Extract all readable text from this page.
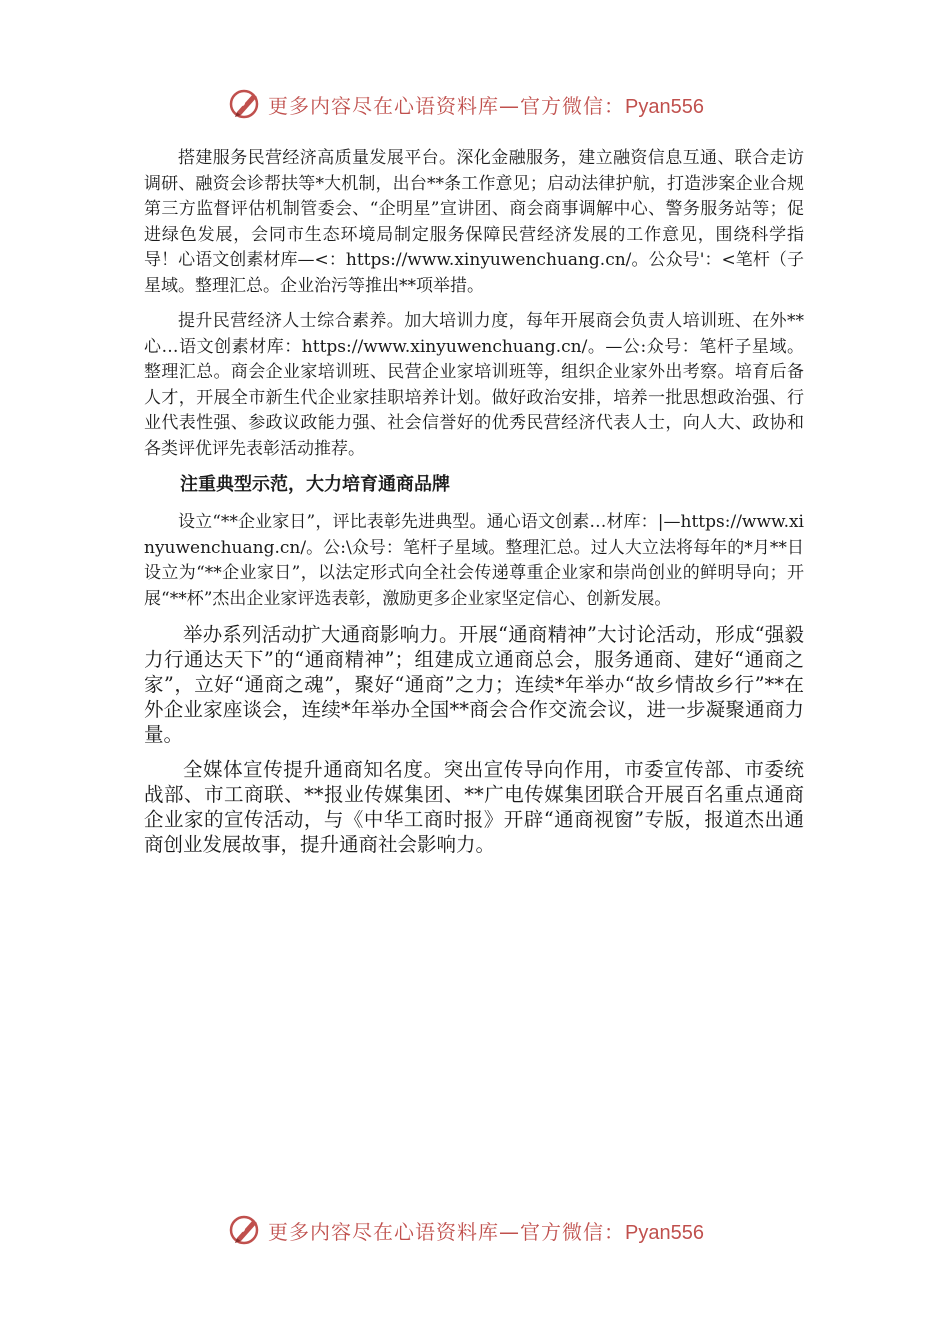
更多内容尽在心语资料库—官方微信：Pyan556

搭建服务民营经济高质量发展平台。深化金融服务，建立融资信息互通、联合走访调研、融资会诊帮扶等*大机制，出台**条工作意见；启动法律护航，打造涉案企业合规第三方监督评估机制管委会、“企明星”宣讲团、商会商事调解中心、警务服务站等；促进绿色发展，会同市生态环境局制定服务保障民营经济发展的工作意见，围绕科学指导！心语文创素材库—<：https://www.xinyuwenchuang.cn/。公众号'：<笔杆（子星域。整理汇总。企业治污等推出**项举措。

提升民营经济人士综合素养。加大培训力度，每年开展商会负责人培训班、在外**心…语文创素材库：https://www.xinyuwenchuang.cn/。—公:众号：笔杆子星域。整理汇总。商会企业家培训班、民营企业家培训班等，组织企业家外出考察。培育后备人才，开展全市新生代企业家挂职培养计划。做好政治安排，培养一批思想政治强、行业代表性强、参政议政能力强、社会信誉好的优秀民营经济代表人士，向人大、政协和各类评优评先表彰活动推荐。

注重典型示范，大力培育通商品牌

设立“**企业家日”，评比表彰先进典型。通心语文创素…材库：|—https://www.xinyuwenchuang.cn/。公:\众号：笔杆子星域。整理汇总。过人大立法将每年的*月**日设立为“**企业家日”，以法定形式向全社会传递尊重企业家和崇尚创业的鲜明导向；开展“**杯”杰出企业家评选表彰，激励更多企业家坚定信心、创新发展。

举办系列活动扩大通商影响力。开展“通商精神”大讨论活动，形成“强毅力行通达天下”的“通商精神”；组建成立通商总会，服务通商、建好“通商之家”，立好“通商之魂”，聚好“通商”之力；连续*年举办“故乡情故乡行”**在外企业家座谈会，连续*年举办全国**商会合作交流会议，进一步凝聚通商力量。

全媒体宣传提升通商知名度。突出宣传导向作用，市委宣传部、市委统战部、市工商联、**报业传媒集团、**广电传媒集团联合开展百名重点通商企业家的宣传活动，与《中华工商时报》开辟“通商视窗”专版，报道杰出通商创业发展故事，提升通商社会影响力。

更多内容尽在心语资料库—官方微信：Pyan556
